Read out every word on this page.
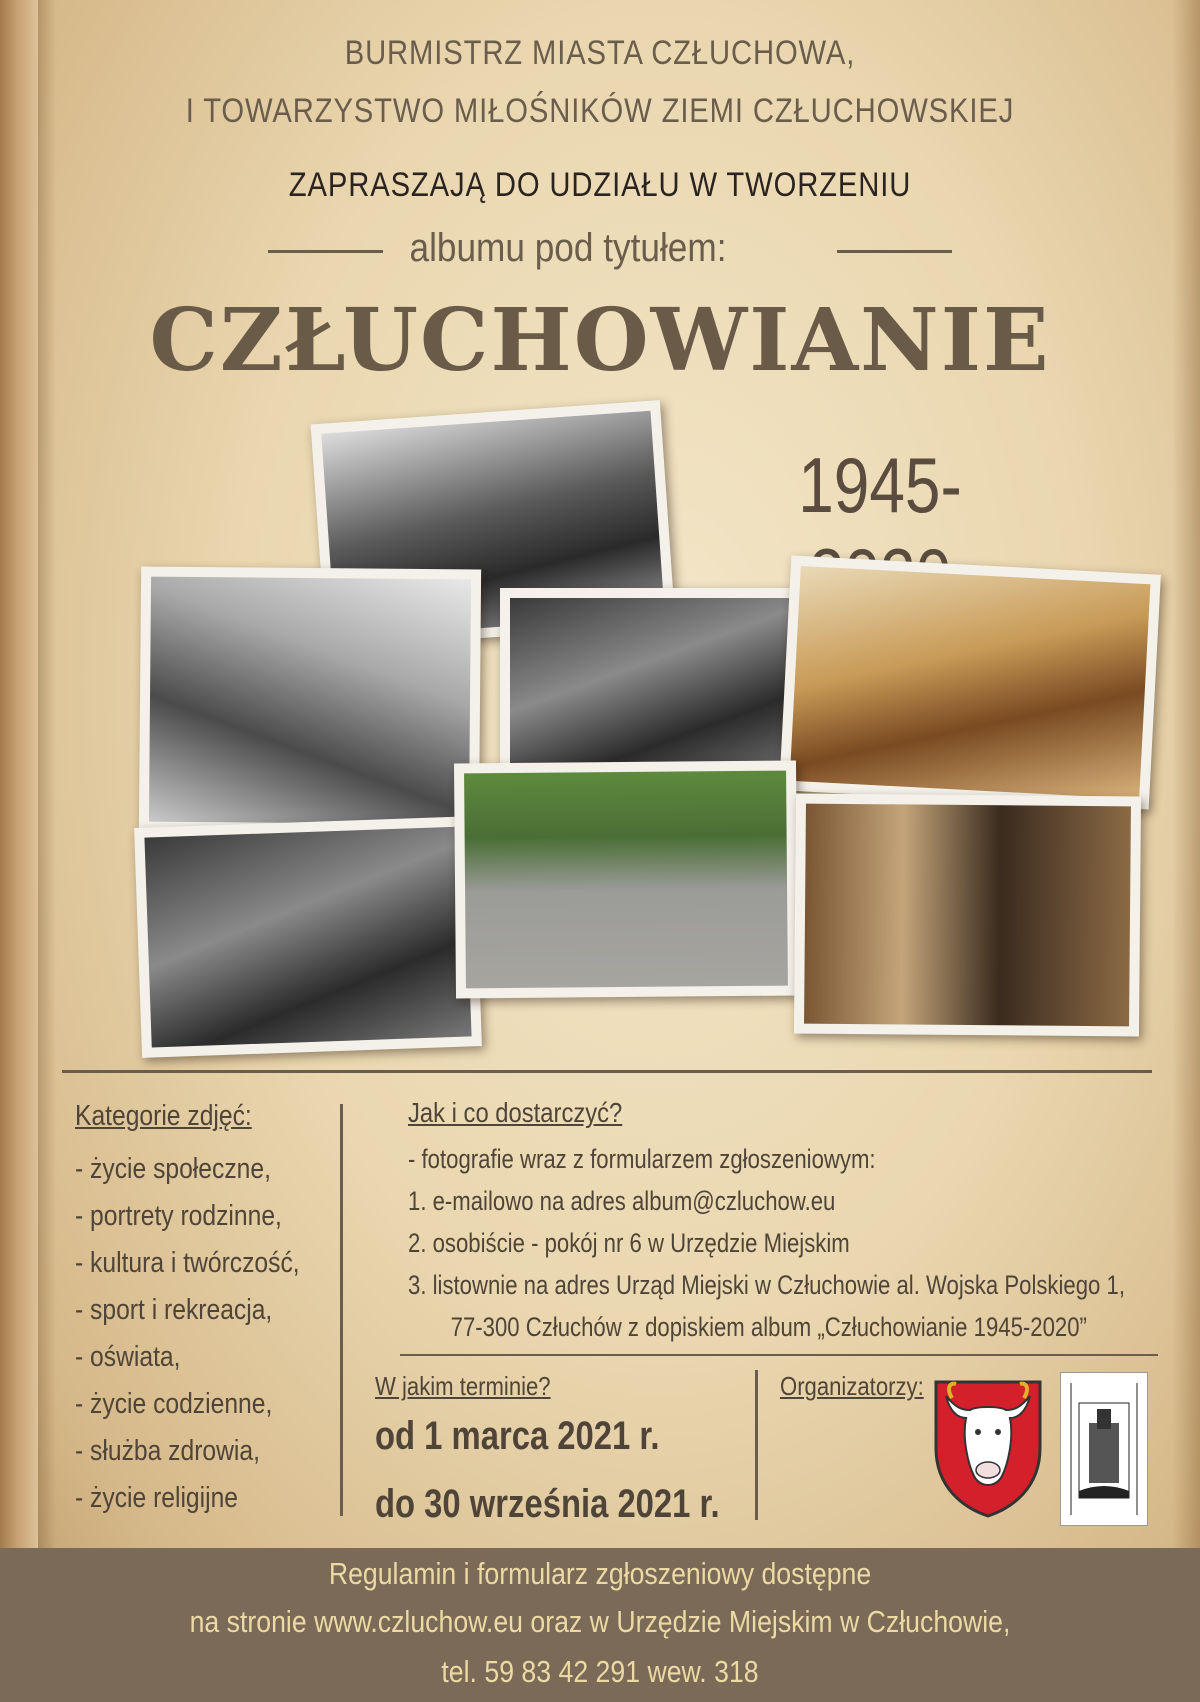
BURMISTRZ MIASTA CZŁUCHOWA,
I TOWARZYSTWO MIŁOŚNIKÓW ZIEMI CZŁUCHOWSKIEJ
ZAPRASZAJĄ DO UDZIAŁU W TWORZENIU
albumu pod tytułem:
CZŁUCHOWIANIE
1945-
Kategorie zdjęć:
- życie społeczne,
- portrety rodzinne,
- kultura i twórczość,
- sport i rekreacja,
- oświata,
- życie codzienne,
- służba zdrowia,
- życie religijne
Jak i co dostarczyć?
- fotografie wraz z formularzem zgłoszeniowym:
1. e-mailowo na adres album@czluchow.eu
2. osobiście - pokój nr 6 w Urzędzie Miejskim
3. listownie na adres Urząd Miejski w Człuchowie al. Wojska Polskiego 1,
77-300 Człuchów z dopiskiem album „Człuchowianie 1945-2020”
W jakim terminie?
od 1 marca 2021 r.
do 30 września 2021 r.
Organizatorzy:
Regulamin i formularz zgłoszeniowy dostępne
na stronie www.czluchow.eu oraz w Urzędzie Miejskim w Człuchowie,
tel. 59 83 42 291 wew. 318
